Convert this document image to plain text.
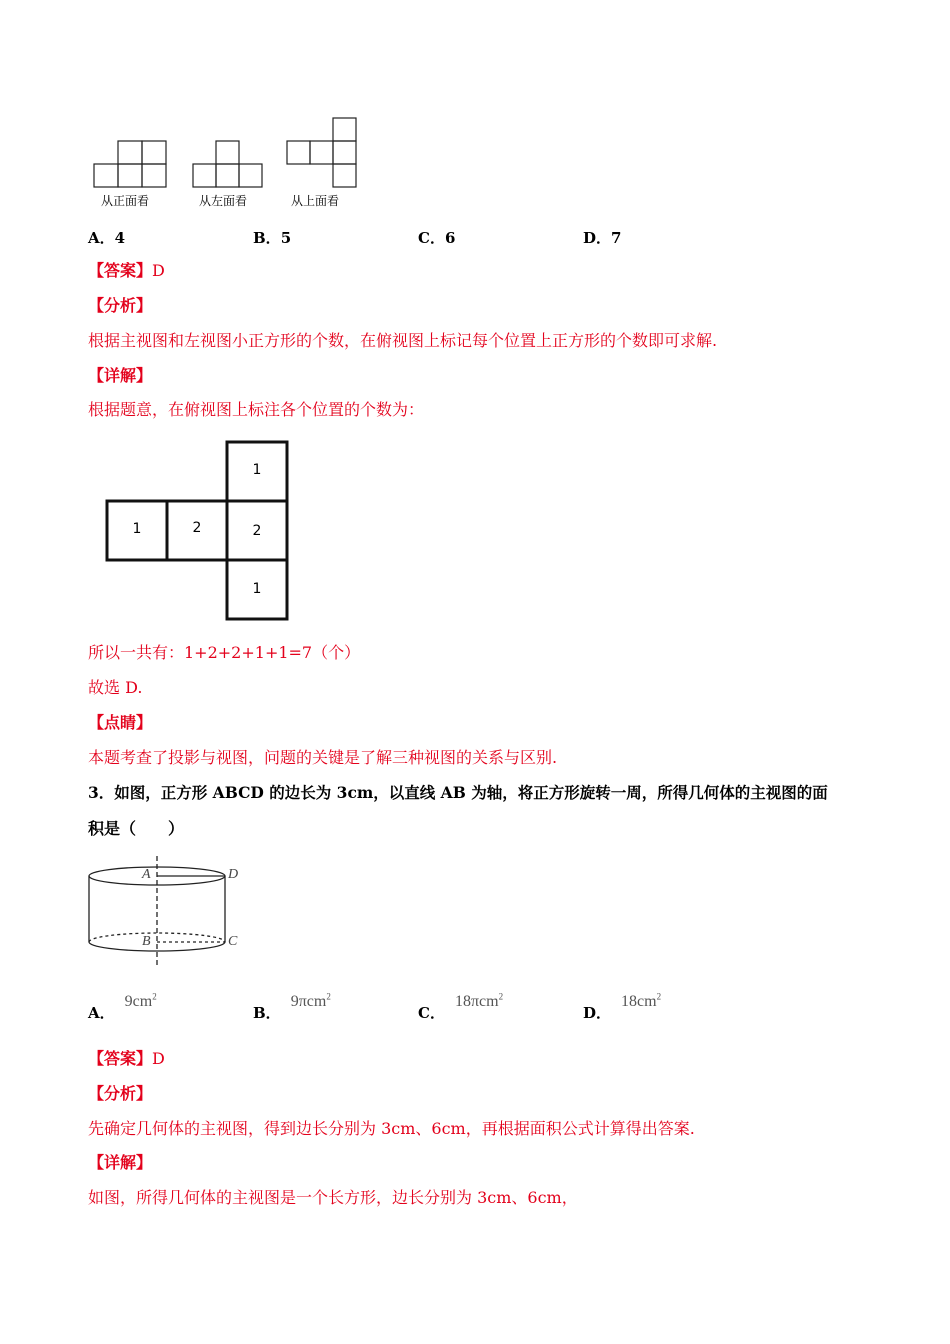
从正面看	从左面看	从上面看
A．4	B．5	C．6	D．7
【答案】D
【分析】
根据主视图和左视图小正方形的个数，在俯视图上标记每个位置上正方形的个数即可求解.
【详解】
根据题意，在俯视图上标注各个位置的个数为：
1
1	2	2
1
所以一共有：1+2+2+1+1=7（个）
故选 D.
【点睛】
本题考查了投影与视图，问题的关键是了解三种视图的关系与区别.
3．如图，正方形 ABCD 的边长为 3cm，以直线 AB 为轴，将正方形旋转一周，所得几何体的主视图的面
积是（　　）
A	D
B	C
A．$9cm^2$
B．9πcm$^2$
C．18πcm$^2$
D．$18cm^2$
【答案】D
【分析】
先确定几何体的主视图，得到边长分别为 3cm、6cm，再根据面积公式计算得出答案.
【详解】
如图，所得几何体的主视图是一个长方形，边长分别为 3cm、6cm，
